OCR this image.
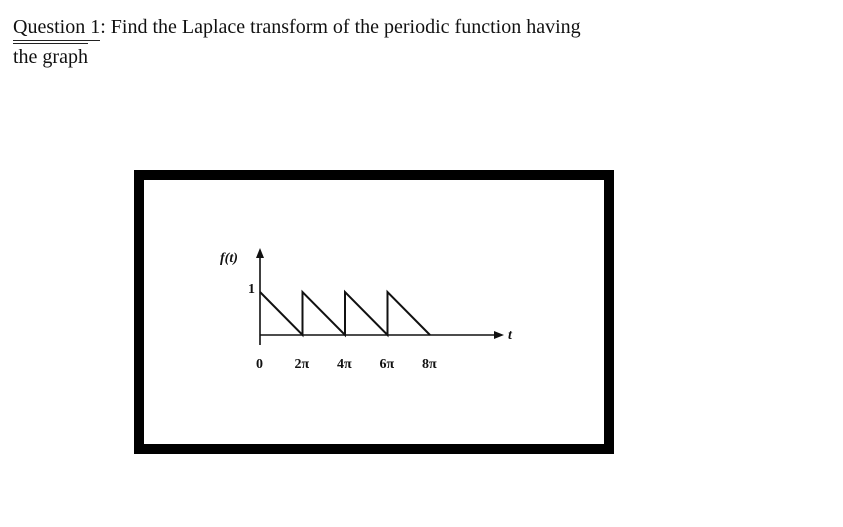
Question 1: Find the Laplace transform of the periodic function having
the graph
f(t)
t
1
0 2π 4π 6π 8π
